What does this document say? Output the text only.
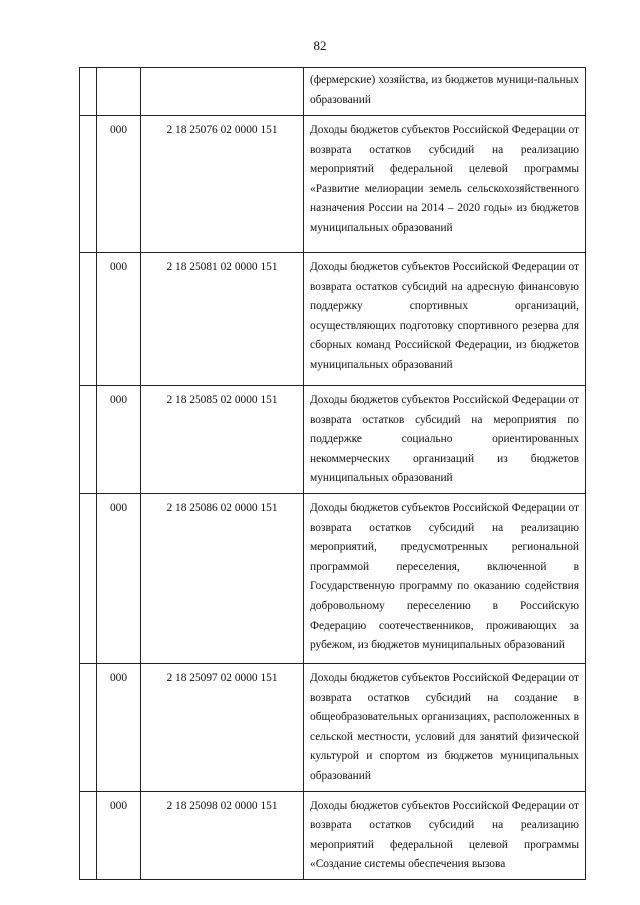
82
			(фермерские) хозяйства, из бюджетов муници-пальных образований
	000	2 18 25076 02 0000 151	Доходы бюджетов субъектов Российской Федерации от возврата остатков субсидий на реализацию мероприятий федеральной целевой программы «Развитие мелиорации земель сельскохозяйственного назначения России на 2014 – 2020 годы» из бюджетов муниципальных образований
	000	2 18 25081 02 0000 151	Доходы бюджетов субъектов Российской Федерации от возврата остатков субсидий на адресную финансовую поддержку спортивных организаций, осуществляющих подготовку спортивного резерва для сборных команд Российской Федерации, из бюджетов муниципальных образований
	000	2 18 25085 02 0000 151	Доходы бюджетов субъектов Российской Федерации от возврата остатков субсидий на мероприятия по поддержке социально ориентированных некоммерческих организаций из бюджетов муниципальных образований
	000	2 18 25086 02 0000 151	Доходы бюджетов субъектов Российской Федерации от возврата остатков субсидий на реализацию мероприятий, предусмотренных региональной программой переселения, включенной в Государственную программу по оказанию содействия добровольному переселению в Российскую Федерацию соотечественников, проживающих за рубежом, из бюджетов муниципальных образований
	000	2 18 25097 02 0000 151	Доходы бюджетов субъектов Российской Федерации от возврата остатков субсидий на создание в общеобразовательных организациях, расположенных в сельской местности, условий для занятий физической культурой и спортом из бюджетов муниципальных образований
	000	2 18 25098 02 0000 151	Доходы бюджетов субъектов Российской Федерации от возврата остатков субсидий на реализацию мероприятий федеральной целевой программы «Создание системы обеспечения вызова
